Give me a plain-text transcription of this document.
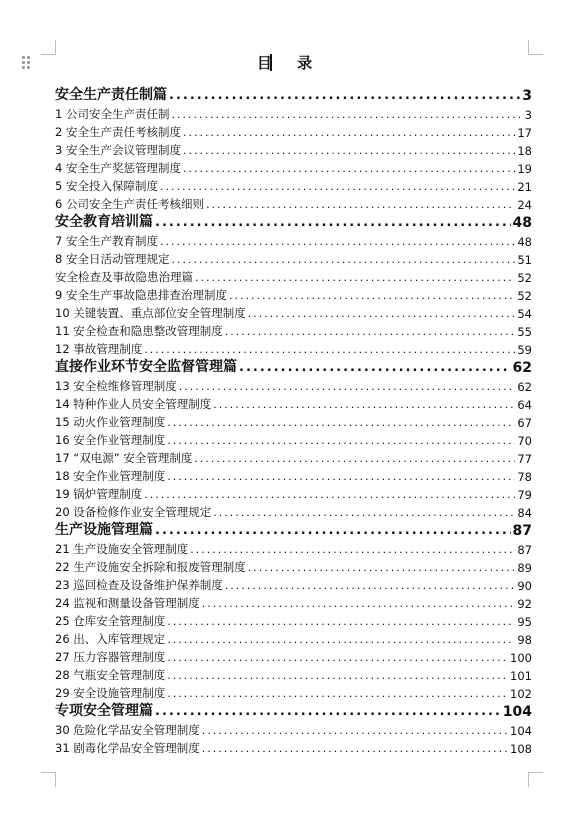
目 录
安全生产责任制篇 .....	3
1 公司安全生产责任制 .....	3
2 安全生产责任考核制度 .....	17
3 安全生产会议管理制度 .....	18
4 安全生产奖惩管理制度 .....	19
5 安全投入保障制度 .....	21
6 公司安全生产责任考核细则 .....	24
安全教育培训篇 .....	48
7 安全生产教育制度 .....	48
8 安全日活动管理规定 .....	51
安全检查及事故隐患治理篇 .....	52
9 安全生产事故隐患排查治理制度 .....	52
10 关键装置、重点部位安全管理制度 .....	54
11 安全检查和隐患整改管理制度 .....	55
12 事故管理制度 .....	59
直接作业环节安全监督管理篇 .....	62
13 安全检维修管理制度 .....	62
14 特种作业人员安全管理制度 .....	64
15 动火作业管理制度 .....	67
16 安全作业管理制度 .....	70
17 “双电源” 安全管理制度 .....	77
18 安全作业管理制度 .....	78
19 锅炉管理制度 .....	79
20 设备检修作业安全管理规定 .....	84
生产设施管理篇 .....	87
21 生产设施安全管理制度 .....	87
22 生产设施安全拆除和报废管理制度 .....	89
23 巡回检查及设备维护保养制度 .....	90
24 监视和测量设备管理制度 .....	92
25 仓库安全管理制度 .....	95
26 出、入库管理规定 .....	98
27 压力容器管理制度 .....	100
28 气瓶安全管理制度 .....	101
29 安全设施管理制度 .....	102
专项安全管理篇 .....	104
30 危险化学品安全管理制度 .....	104
31 剧毒化学品安全管理制度 .....	108
